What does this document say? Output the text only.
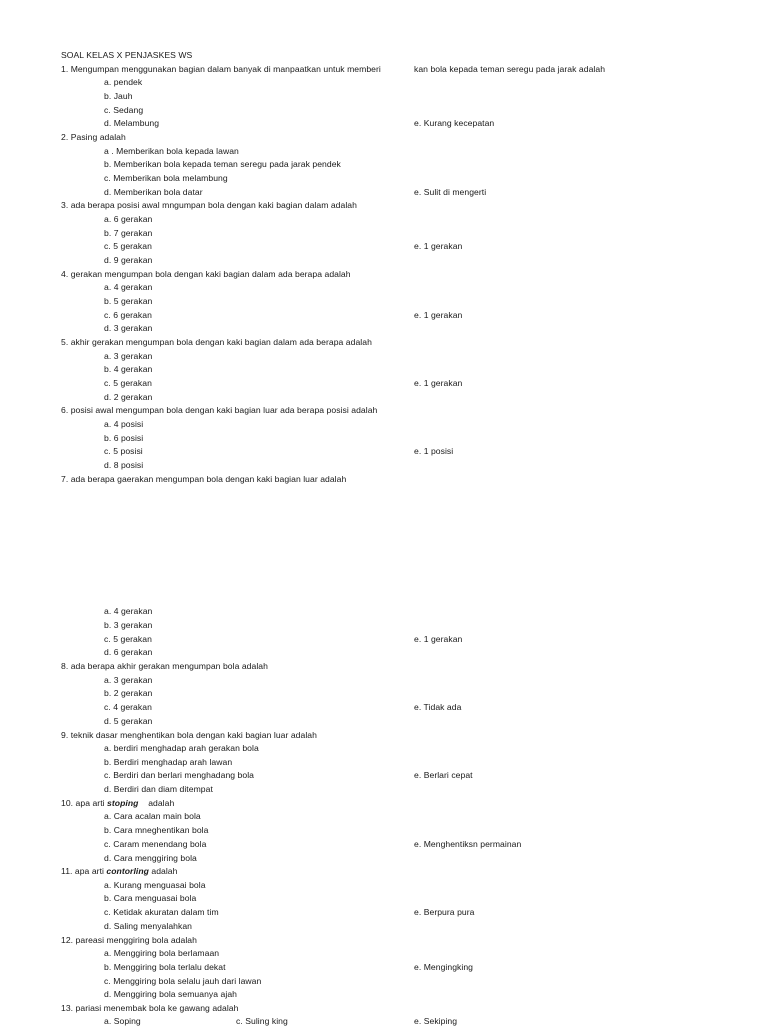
SOAL KELAS X PENJASKES WS
1. Mengumpan menggunakan bagian dalam banyak di manpaatkan untuk memberi	kan bola kepada teman seregu pada jarak adalah
a. pendek
b. Jauh
c. Sedang
d. Melambung	e. Kurang kecepatan
2. Pasing adalah
a . Memberikan bola kepada lawan
b. Memberikan bola kepada teman seregu pada jarak pendek
c. Memberikan bola melambung
d. Memberikan bola datar	e. Sulit di mengerti
3. ada berapa posisi awal mngumpan bola dengan kaki bagian dalam adalah
a. 6 gerakan
b. 7 gerakan
c. 5 gerakan	e. 1 gerakan
d. 9 gerakan
4. gerakan mengumpan bola dengan kaki bagian dalam ada berapa adalah
a. 4 gerakan
b. 5 gerakan
c. 6 gerakan	e. 1 gerakan
d. 3 gerakan
5. akhir gerakan mengumpan bola dengan kaki bagian dalam ada berapa adalah
a. 3 gerakan
b. 4 gerakan
c. 5 gerakan	e. 1 gerakan
d. 2 gerakan
6. posisi awal mengumpan bola dengan kaki bagian luar ada berapa posisi adalah
a. 4 posisi
b. 6 posisi
c. 5 posisi	e. 1 posisi
d. 8 posisi
7. ada berapa gaerakan mengumpan bola dengan kaki bagian luar adalah
a. 4 gerakan
b. 3 gerakan
c. 5 gerakan	e. 1 gerakan
d. 6 gerakan
8. ada berapa akhir gerakan mengumpan bola adalah
a. 3 gerakan
b. 2 gerakan
c. 4 gerakan	e. Tidak ada
d. 5 gerakan
9. teknik dasar menghentikan bola dengan kaki bagian luar adalah
a. berdiri menghadap arah gerakan bola
b. Berdiri menghadap arah lawan
c. Berdiri dan berlari menghadang bola	e. Berlari cepat
d. Berdiri dan diam ditempat
10. apa arti stoping    adalah
a. Cara acalan main bola
b. Cara mneghentikan bola
c. Caram menendang bola	e. Menghentiksn permainan
d. Cara menggiring bola
11. apa arti contorling adalah
a. Kurang menguasai bola
b. Cara menguasai bola
c. Ketidak akuratan dalam tim	e. Berpura pura
d. Saling menyalahkan
12. pareasi menggiring bola adalah
a. Menggiring bola berlamaan
b. Menggiring bola terlalu dekat	e. Mengingking
c. Menggiring bola selalu jauh dari lawan
d. Menggiring bola semuanya ajah
13. pariasi menembak bola ke gawang adalah
a. Soping	c. Suling king	e. Sekiping
